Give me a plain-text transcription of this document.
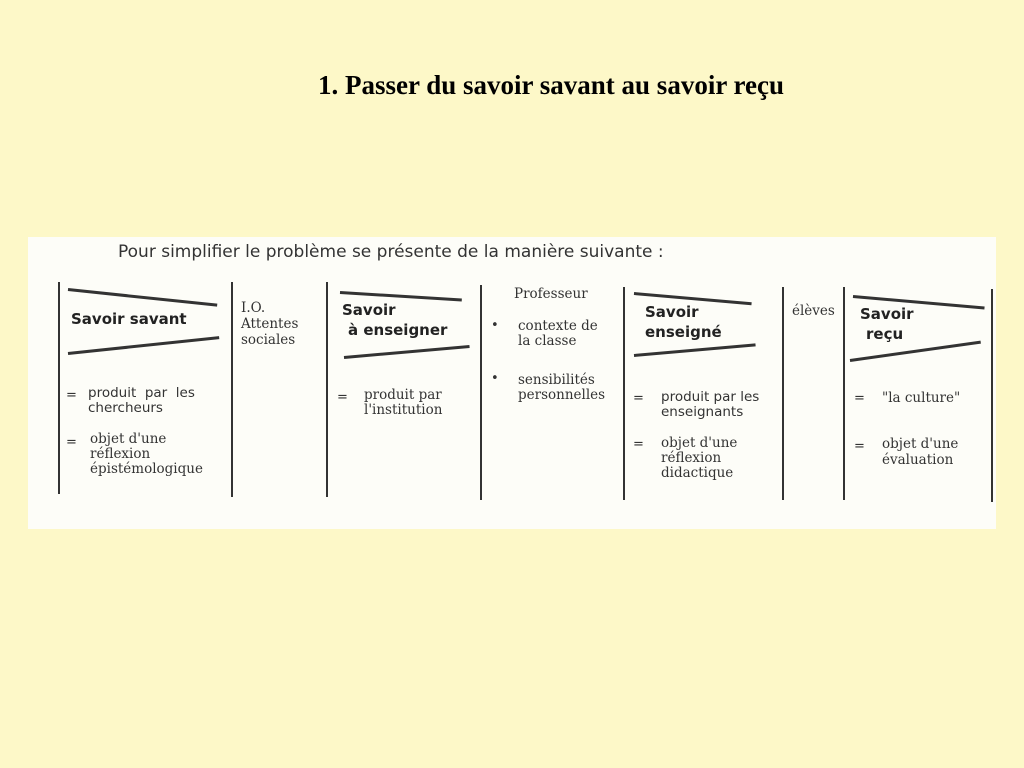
1. Passer du savoir savant au savoir reçu
Pour simplifier le problème se présente de la manière suivante :
Savoir savant
= produit  par  les
chercheurs
= objet d'une
réflexion
épistémologique
I.O.
Attentes
sociales
Savoir
à enseigner
= produit par
l'institution
Professeur
• contexte de
la classe
• sensibilités
personnelles
Savoir
enseigné
= produit par les
enseignants
= objet d'une
réflexion
didactique
élèves Savoir
reçu
= "la culture"
= objet d'une
évaluation
